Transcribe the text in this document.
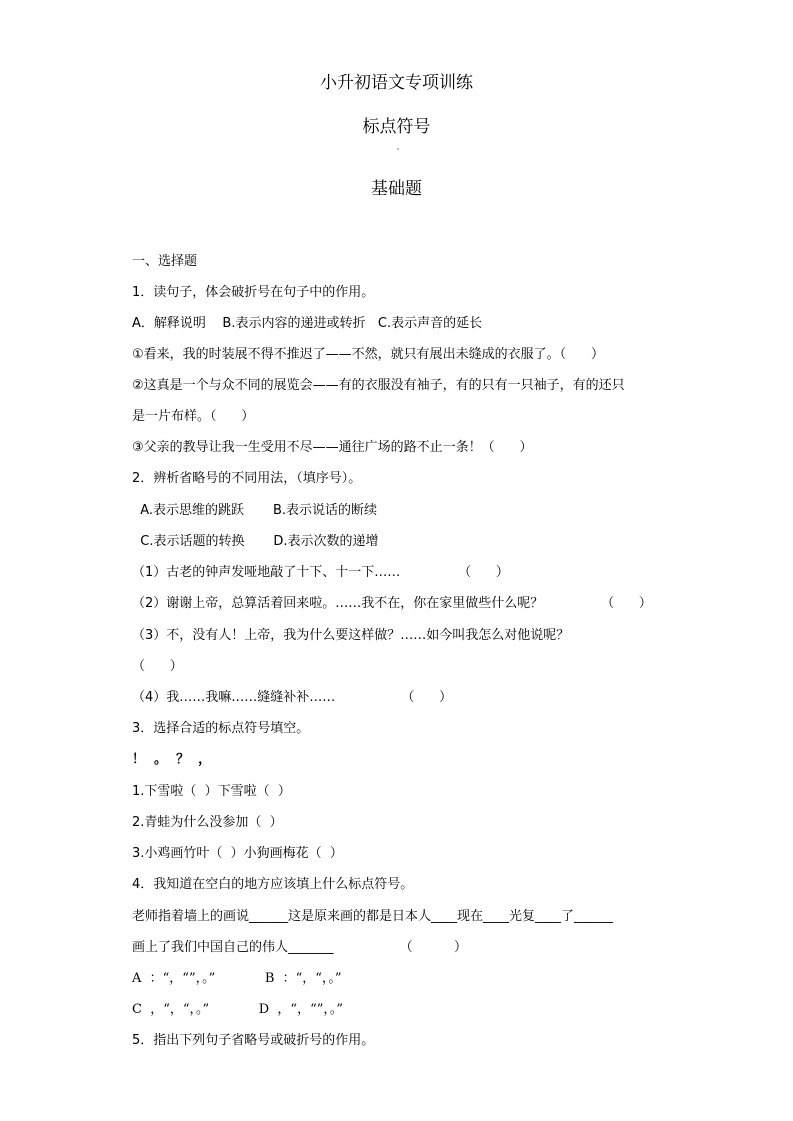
小升初语文专项训练
标点符号
基础题
一、选择题
1．读句子，体会破折号在句子中的作用。
A．解释说明    B.表示内容的递进或转折   C.表示声音的延长
①看来，我的时装展不得不推迟了——不然，就只有展出未缝成的衣服了。（      ）
②这真是一个与众不同的展览会——有的衣服没有袖子，有的只有一只袖子，有的还只
是一片布样。（      ）
③父亲的教导让我一生受用不尽——通往广场的路不止一条！（      ）
2．辨析省略号的不同用法，（填序号）。
A.表示思维的跳跃       B.表示说话的断续
C.表示话题的转换       D.表示次数的递增
（1）古老的钟声发哑地敲了十下、十一下……              （      ）
（2）谢谢上帝，总算活着回来啦。……我不在，你在家里做些什么呢？              （      ）
（3）不，没有人！上帝，我为什么要这样做？……如今叫我怎么对他说呢？
（      ）
（4）我……我嘛……缝缝补补……                （      ）
3．选择合适的标点符号填空。
！  。  ？  ，
1.下雪啦（  ）下雪啦（  ）
2.青蛙为什么没参加（  ）
3.小鸡画竹叶（  ）小狗画梅花（  ）
4．我知道在空白的地方应该填上什么标点符号。
老师指着墙上的画说______这是原来画的都是日本人____现在____光复____了______
画上了我们中国自己的伟人_______                （          ）
A  ：“，“”，。”            B  ：“，“，。”
C  ，“，“，。”            D  ，“，“”，。”
5．指出下列句子省略号或破折号的作用。
